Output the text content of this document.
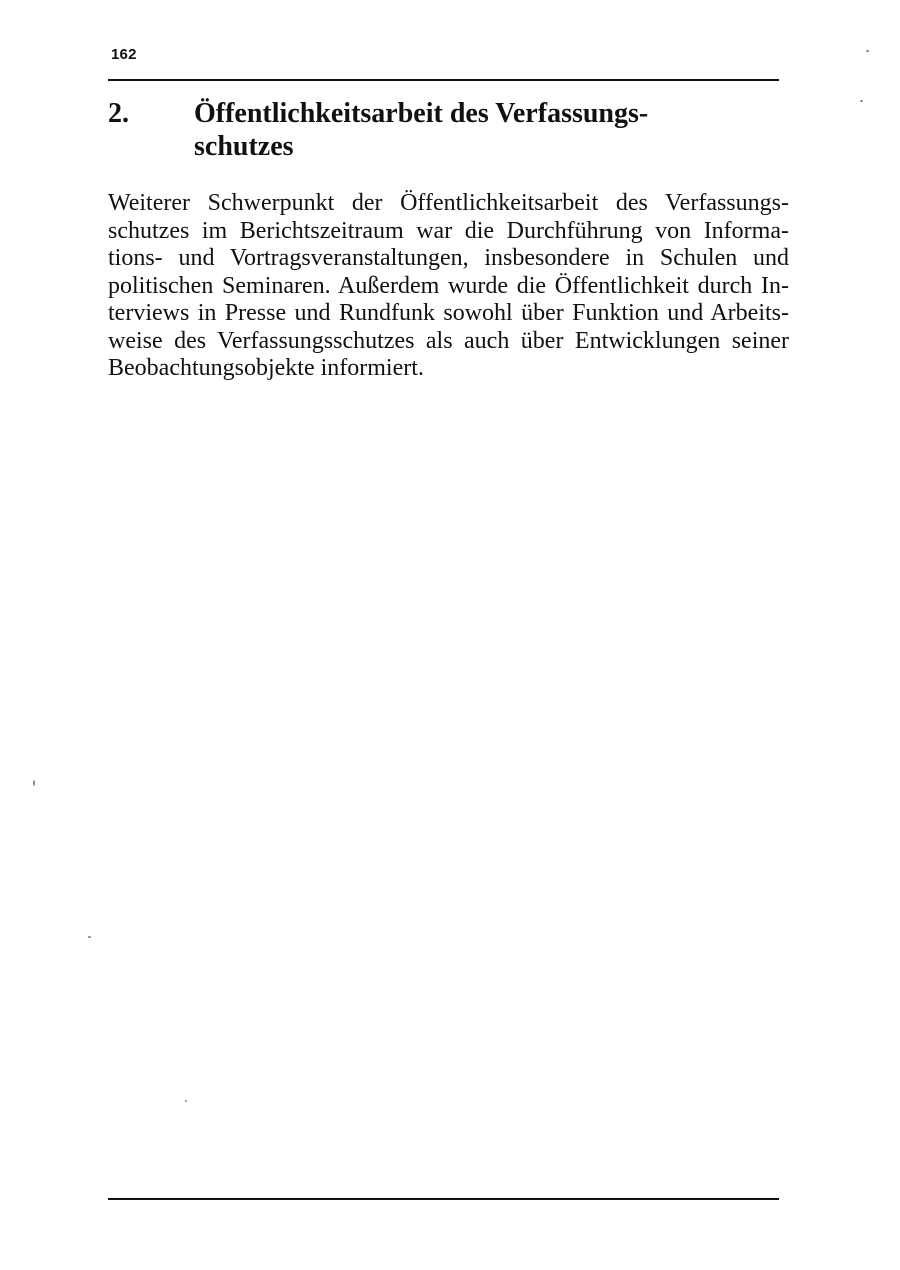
162
2.	Öffentlichkeitsarbeit des Verfassungsschutzes

Weiterer Schwerpunkt der Öffentlichkeitsarbeit des Verfassungsschutzes im Berichtszeitraum war die Durchführung von Informations- und Vortragsveranstaltungen, insbesondere in Schulen und politischen Seminaren. Außerdem wurde die Öffentlichkeit durch Interviews in Presse und Rundfunk sowohl über Funktion und Arbeitsweise des Verfassungsschutzes als auch über Entwicklungen seiner Beobachtungsobjekte informiert.
